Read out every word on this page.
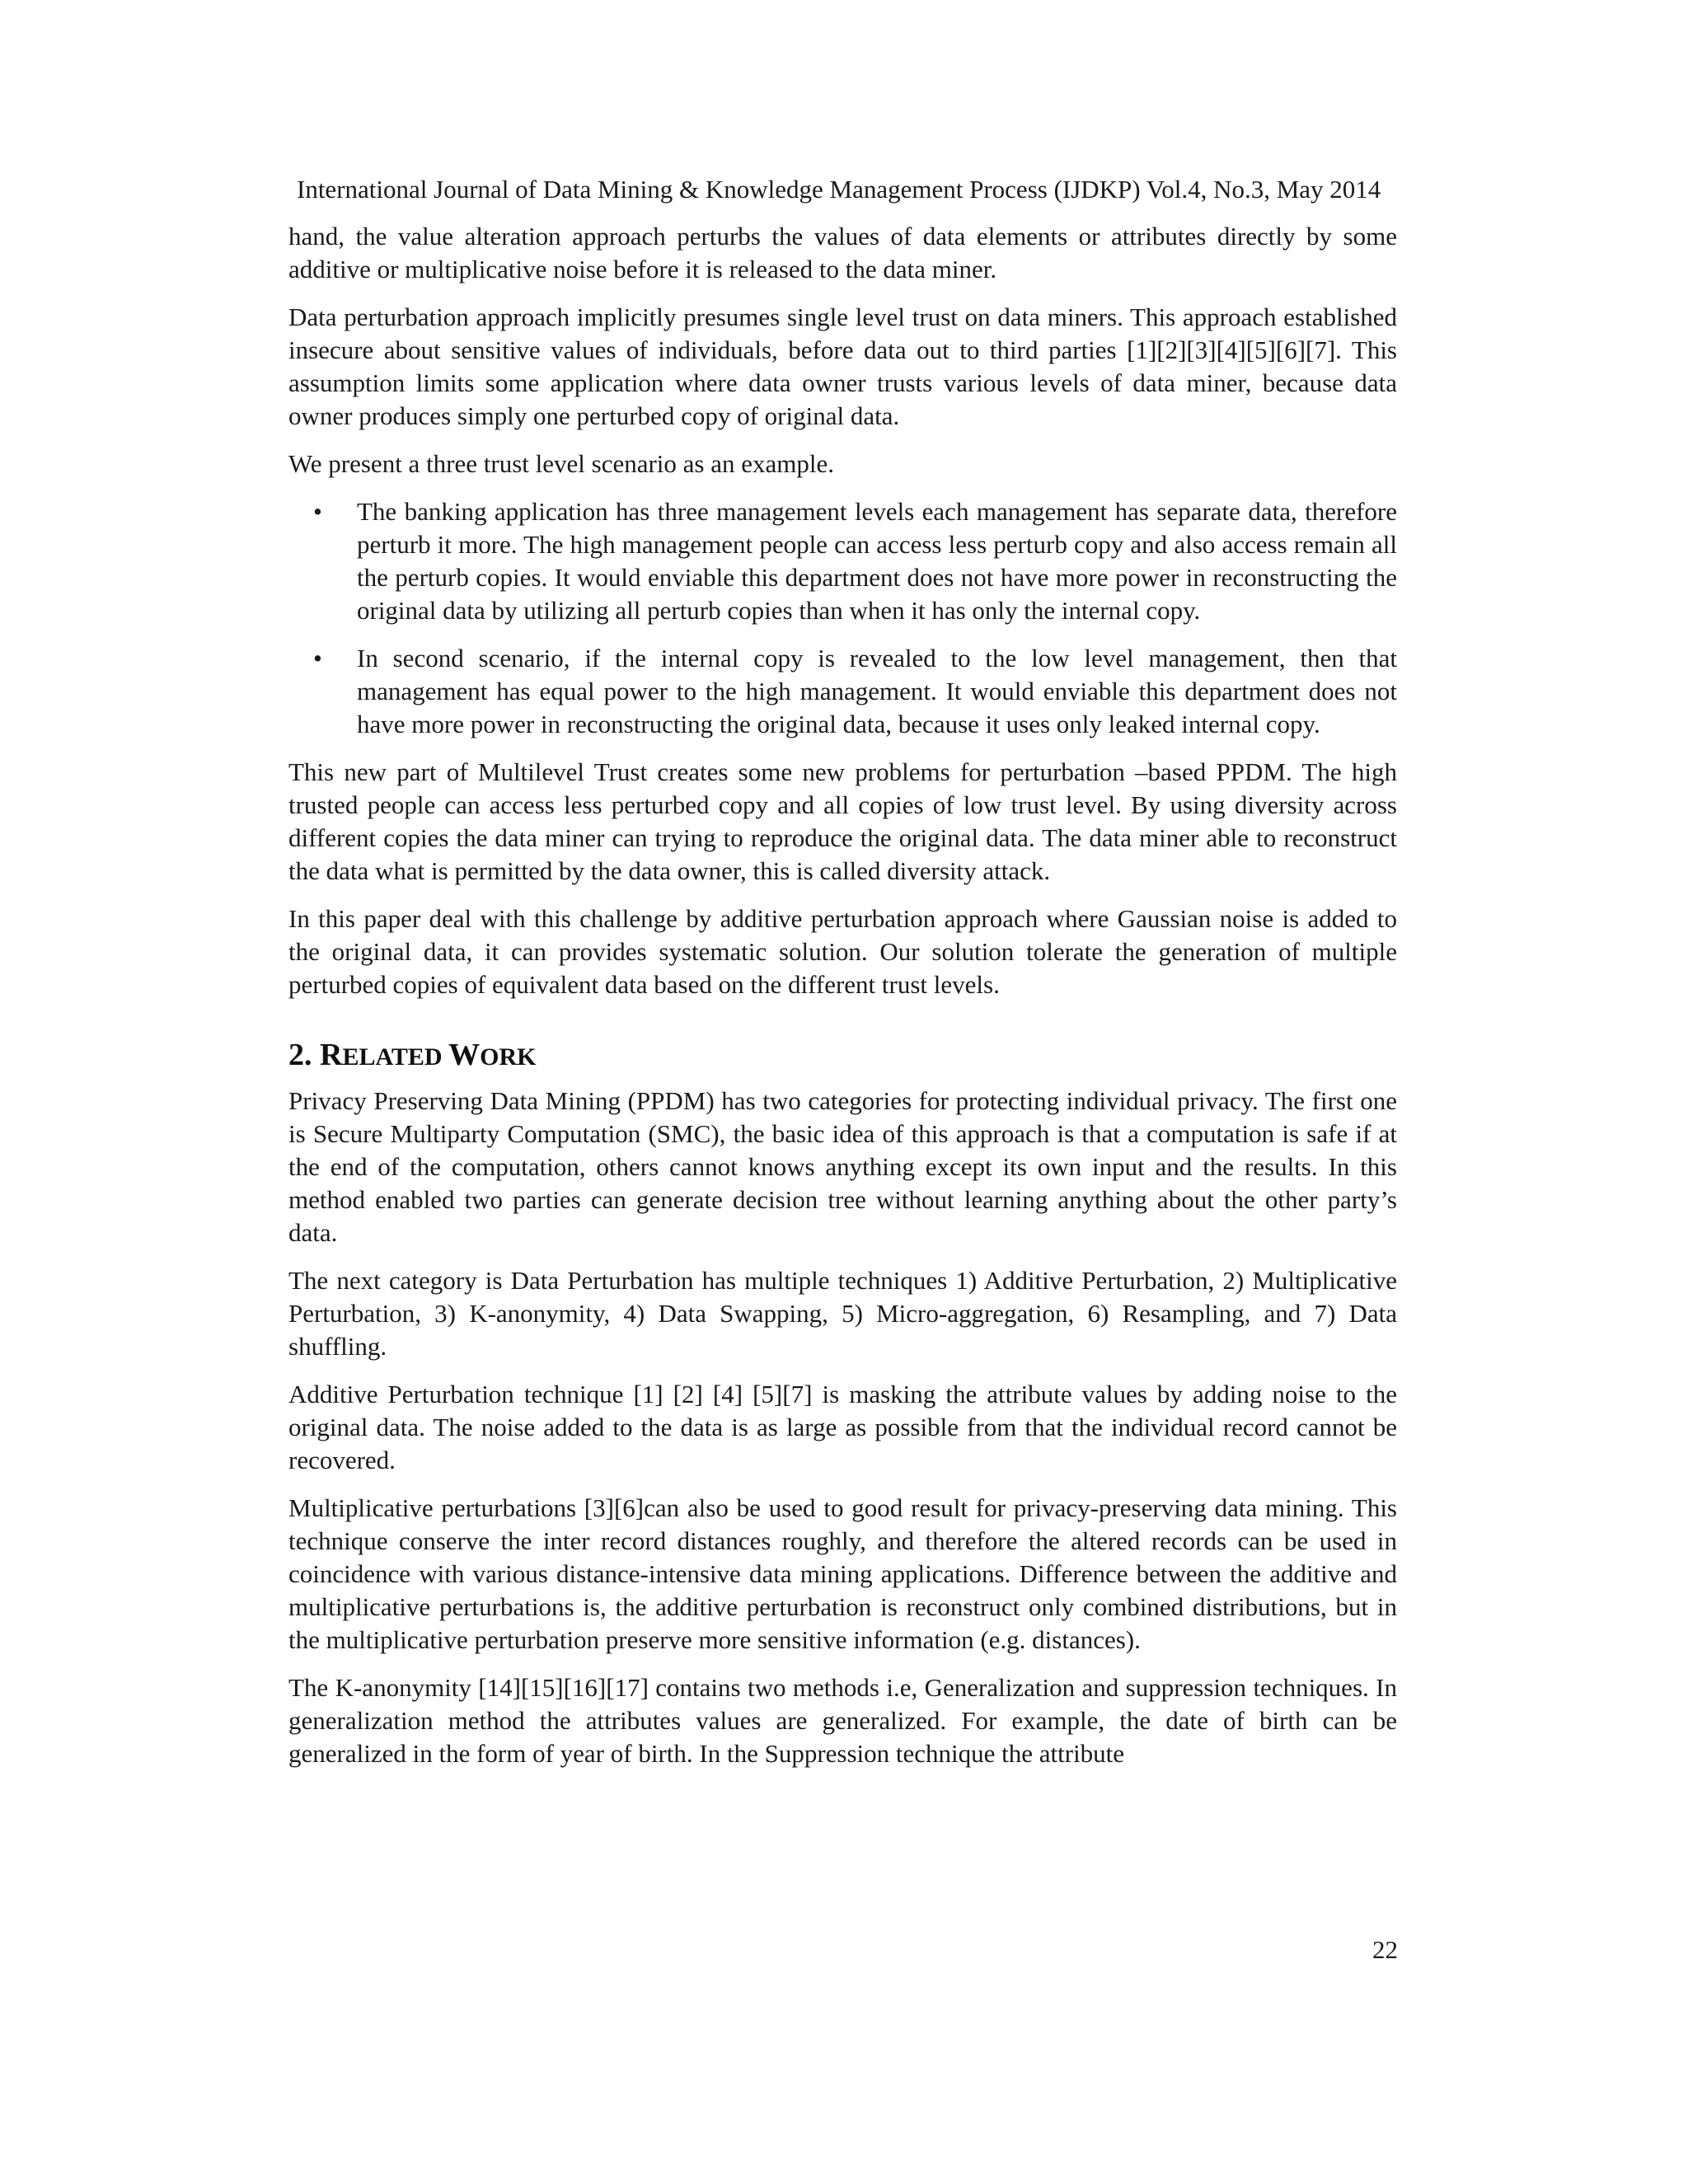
International Journal of Data Mining & Knowledge Management Process (IJDKP) Vol.4, No.3, May 2014

hand, the value alteration approach perturbs the values of data elements or attributes directly by some additive or multiplicative noise before it is released to the data miner.

Data perturbation approach implicitly presumes single level trust on data miners. This approach established insecure about sensitive values of individuals, before data out to third parties [1][2][3][4][5][6][7]. This assumption limits some application where data owner trusts various levels of data miner, because data owner produces simply one perturbed copy of original data.

We present a three trust level scenario as an example.

• The banking application has three management levels each management has separate data, therefore perturb it more. The high management people can access less perturb copy and also access remain all the perturb copies. It would enviable this department does not have more power in reconstructing the original data by utilizing all perturb copies than when it has only the internal copy.
• In second scenario, if the internal copy is revealed to the low level management, then that management has equal power to the high management. It would enviable this department does not have more power in reconstructing the original data, because it uses only leaked internal copy.

This new part of Multilevel Trust creates some new problems for perturbation –based PPDM. The high trusted people can access less perturbed copy and all copies of low trust level. By using diversity across different copies the data miner can trying to reproduce the original data. The data miner able to reconstruct the data what is permitted by the data owner, this is called diversity attack.

In this paper deal with this challenge by additive perturbation approach where Gaussian noise is added to the original data, it can provides systematic solution. Our solution tolerate the generation of multiple perturbed copies of equivalent data based on the different trust levels.

2. RELATED WORK

Privacy Preserving Data Mining (PPDM) has two categories for protecting individual privacy. The first one is Secure Multiparty Computation (SMC), the basic idea of this approach is that a computation is safe if at the end of the computation, others cannot knows anything except its own input and the results. In this method enabled two parties can generate decision tree without learning anything about the other party’s data.

The next category is Data Perturbation has multiple techniques 1) Additive Perturbation, 2) Multiplicative Perturbation, 3) K-anonymity, 4) Data Swapping, 5) Micro-aggregation, 6) Resampling, and 7) Data shuffling.

Additive Perturbation technique [1] [2] [4] [5][7] is masking the attribute values by adding noise to the original data. The noise added to the data is as large as possible from that the individual record cannot be recovered.

Multiplicative perturbations [3][6]can also be used to good result for privacy-preserving data mining. This technique conserve the inter record distances roughly, and therefore the altered records can be used in coincidence with various distance-intensive data mining applications. Difference between the additive and multiplicative perturbations is, the additive perturbation is reconstruct only combined distributions, but in the multiplicative perturbation preserve more sensitive information (e.g. distances).

The K-anonymity [14][15][16][17] contains two methods i.e, Generalization and suppression techniques. In generalization method the attributes values are generalized. For example, the date of birth can be generalized in the form of year of birth. In the Suppression technique the attribute

22
